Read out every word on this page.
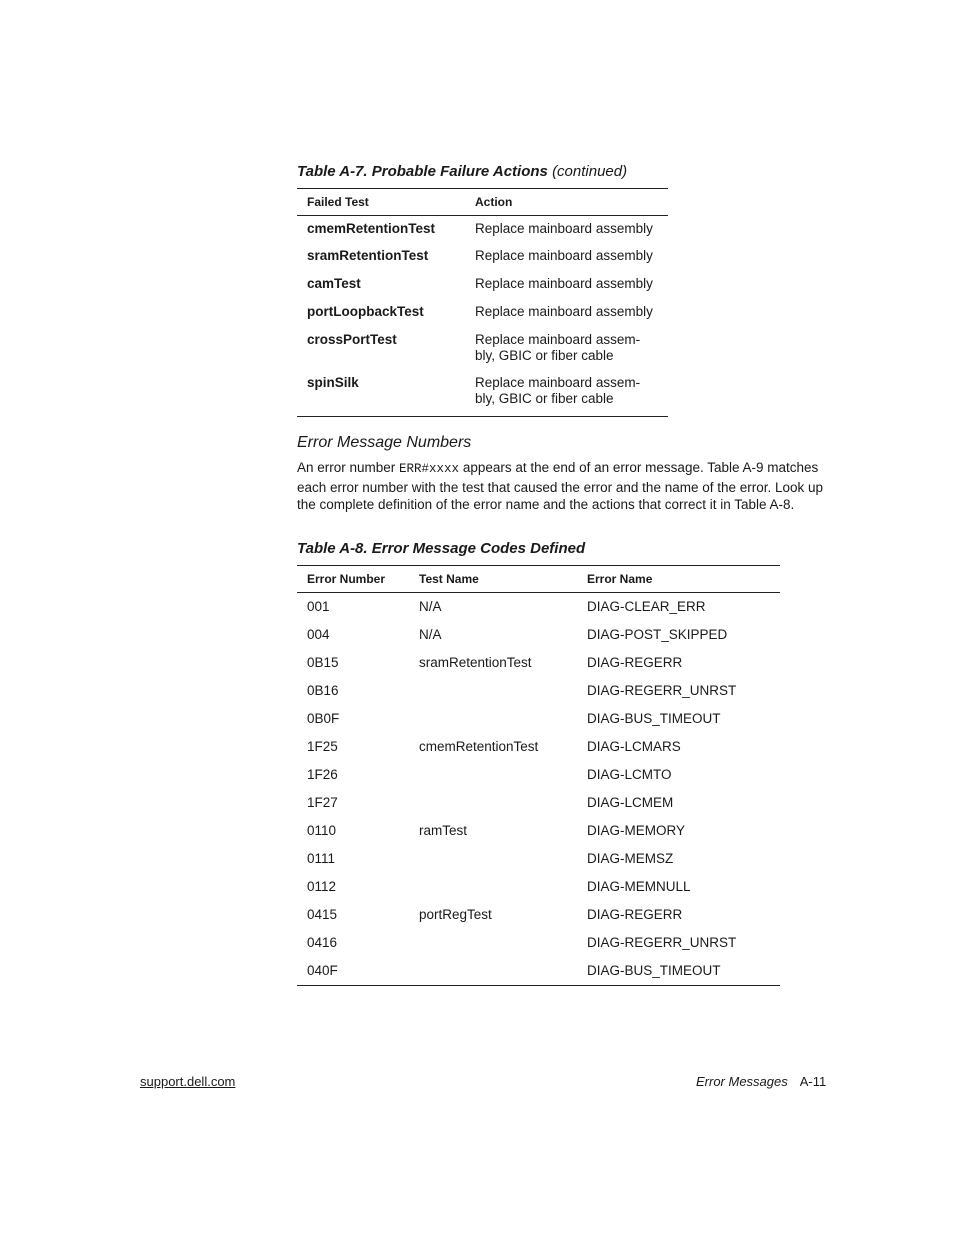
Table A-7. Probable Failure Actions (continued)
Failed Test	Action
cmemRetentionTest	Replace mainboard assembly
sramRetentionTest	Replace mainboard assembly
camTest	Replace mainboard assembly
portLoopbackTest	Replace mainboard assembly
crossPortTest	Replace mainboard assem-
bly, GBIC or fiber cable

spinSilk	Replace mainboard assem-
bly, GBIC or fiber cable
Error Message Numbers
An error number ERR#xxxx appears at the end of an error message. Table A-9 matches each error number with the test that caused the error and the name of the error. Look up the complete definition of the error name and the actions that correct it in Table A-8.
Table A-8. Error Message Codes Defined
Error Number	Test Name	Error Name
001	N/A	DIAG-CLEAR_ERR
004	N/A	DIAG-POST_SKIPPED
0B15	sramRetentionTest	DIAG-REGERR
0B16		DIAG-REGERR_UNRST
0B0F		DIAG-BUS_TIMEOUT
1F25	cmemRetentionTest	DIAG-LCMARS
1F26		DIAG-LCMTO
1F27		DIAG-LCMEM
0110	ramTest	DIAG-MEMORY
0111		DIAG-MEMSZ
0112		DIAG-MEMNULL
0415	portRegTest	DIAG-REGERR
0416		DIAG-REGERR_UNRST
040F		DIAG-BUS_TIMEOUT
support.dell.com	Error Messages A-11
